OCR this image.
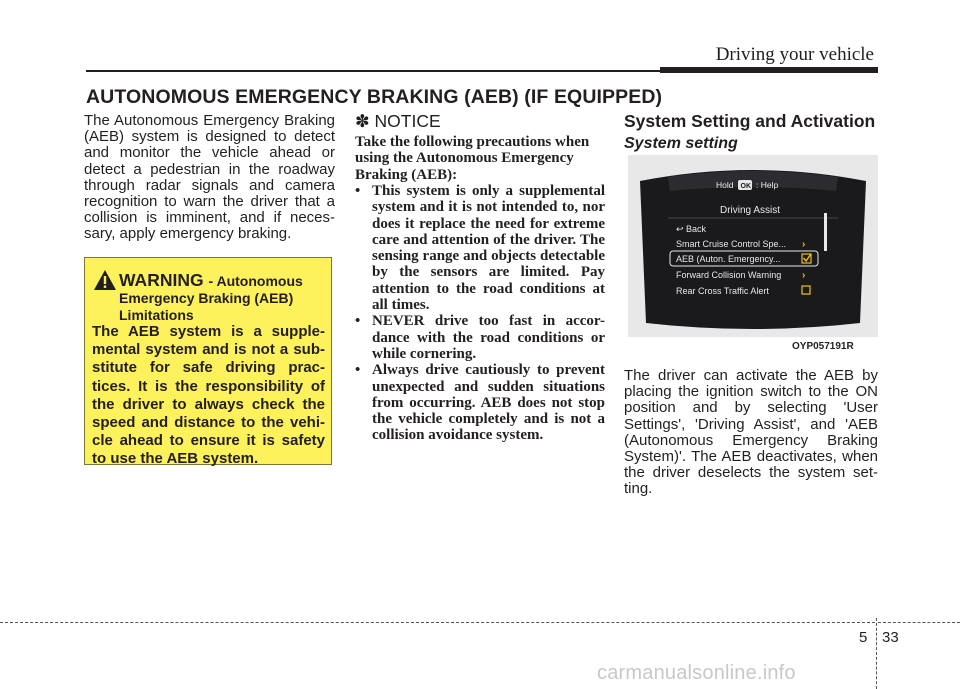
Driving your vehicle
AUTONOMOUS EMERGENCY BRAKING (AEB) (IF EQUIPPED)
The Autonomous Emergency Braking (AEB) system is designed to detect and monitor the vehicle ahead or detect a pedestrian in the roadway through radar signals and camera recognition to warn the driver that a collision is imminent, and if neces-sary, apply emergency braking.
WARNING - Autonomous
Emergency Braking (AEB) Limitations
The AEB system is a supple-mental system and is not a sub-stitute for safe driving prac-tices. It is the responsibility of the driver to always check the speed and distance to the vehi-cle ahead to ensure it is safety to use the AEB system.
✽ NOTICE
Take the following precautions when using the Autonomous Emergency Braking (AEB):
• This system is only a supplemental system and it is not intended to, nor does it replace the need for extreme care and attention of the driver. The sensing range and objects detectable by the sensors are limited. Pay attention to the road conditions at all times.
• NEVER drive too fast in accor-dance with the road conditions or while cornering.
• Always drive cautiously to prevent unexpected and sudden situations from occurring. AEB does not stop the vehicle completely and is not a collision avoidance system.
System Setting and Activation
System setting
Hold OK : Help
Driving Assist
↩ Back
Smart Cruise Control Spe... ›
AEB (Auton. Emergency...
Forward Collision Warning ›
Rear Cross Traffic Alert
OYP057191R
The driver can activate the AEB by placing the ignition switch to the ON position and by selecting 'User Settings', 'Driving Assist', and 'AEB (Autonomous Emergency Braking System)'. The AEB deactivates, when the driver deselects the system set-ting.
5 33
carmanualsonline.info
